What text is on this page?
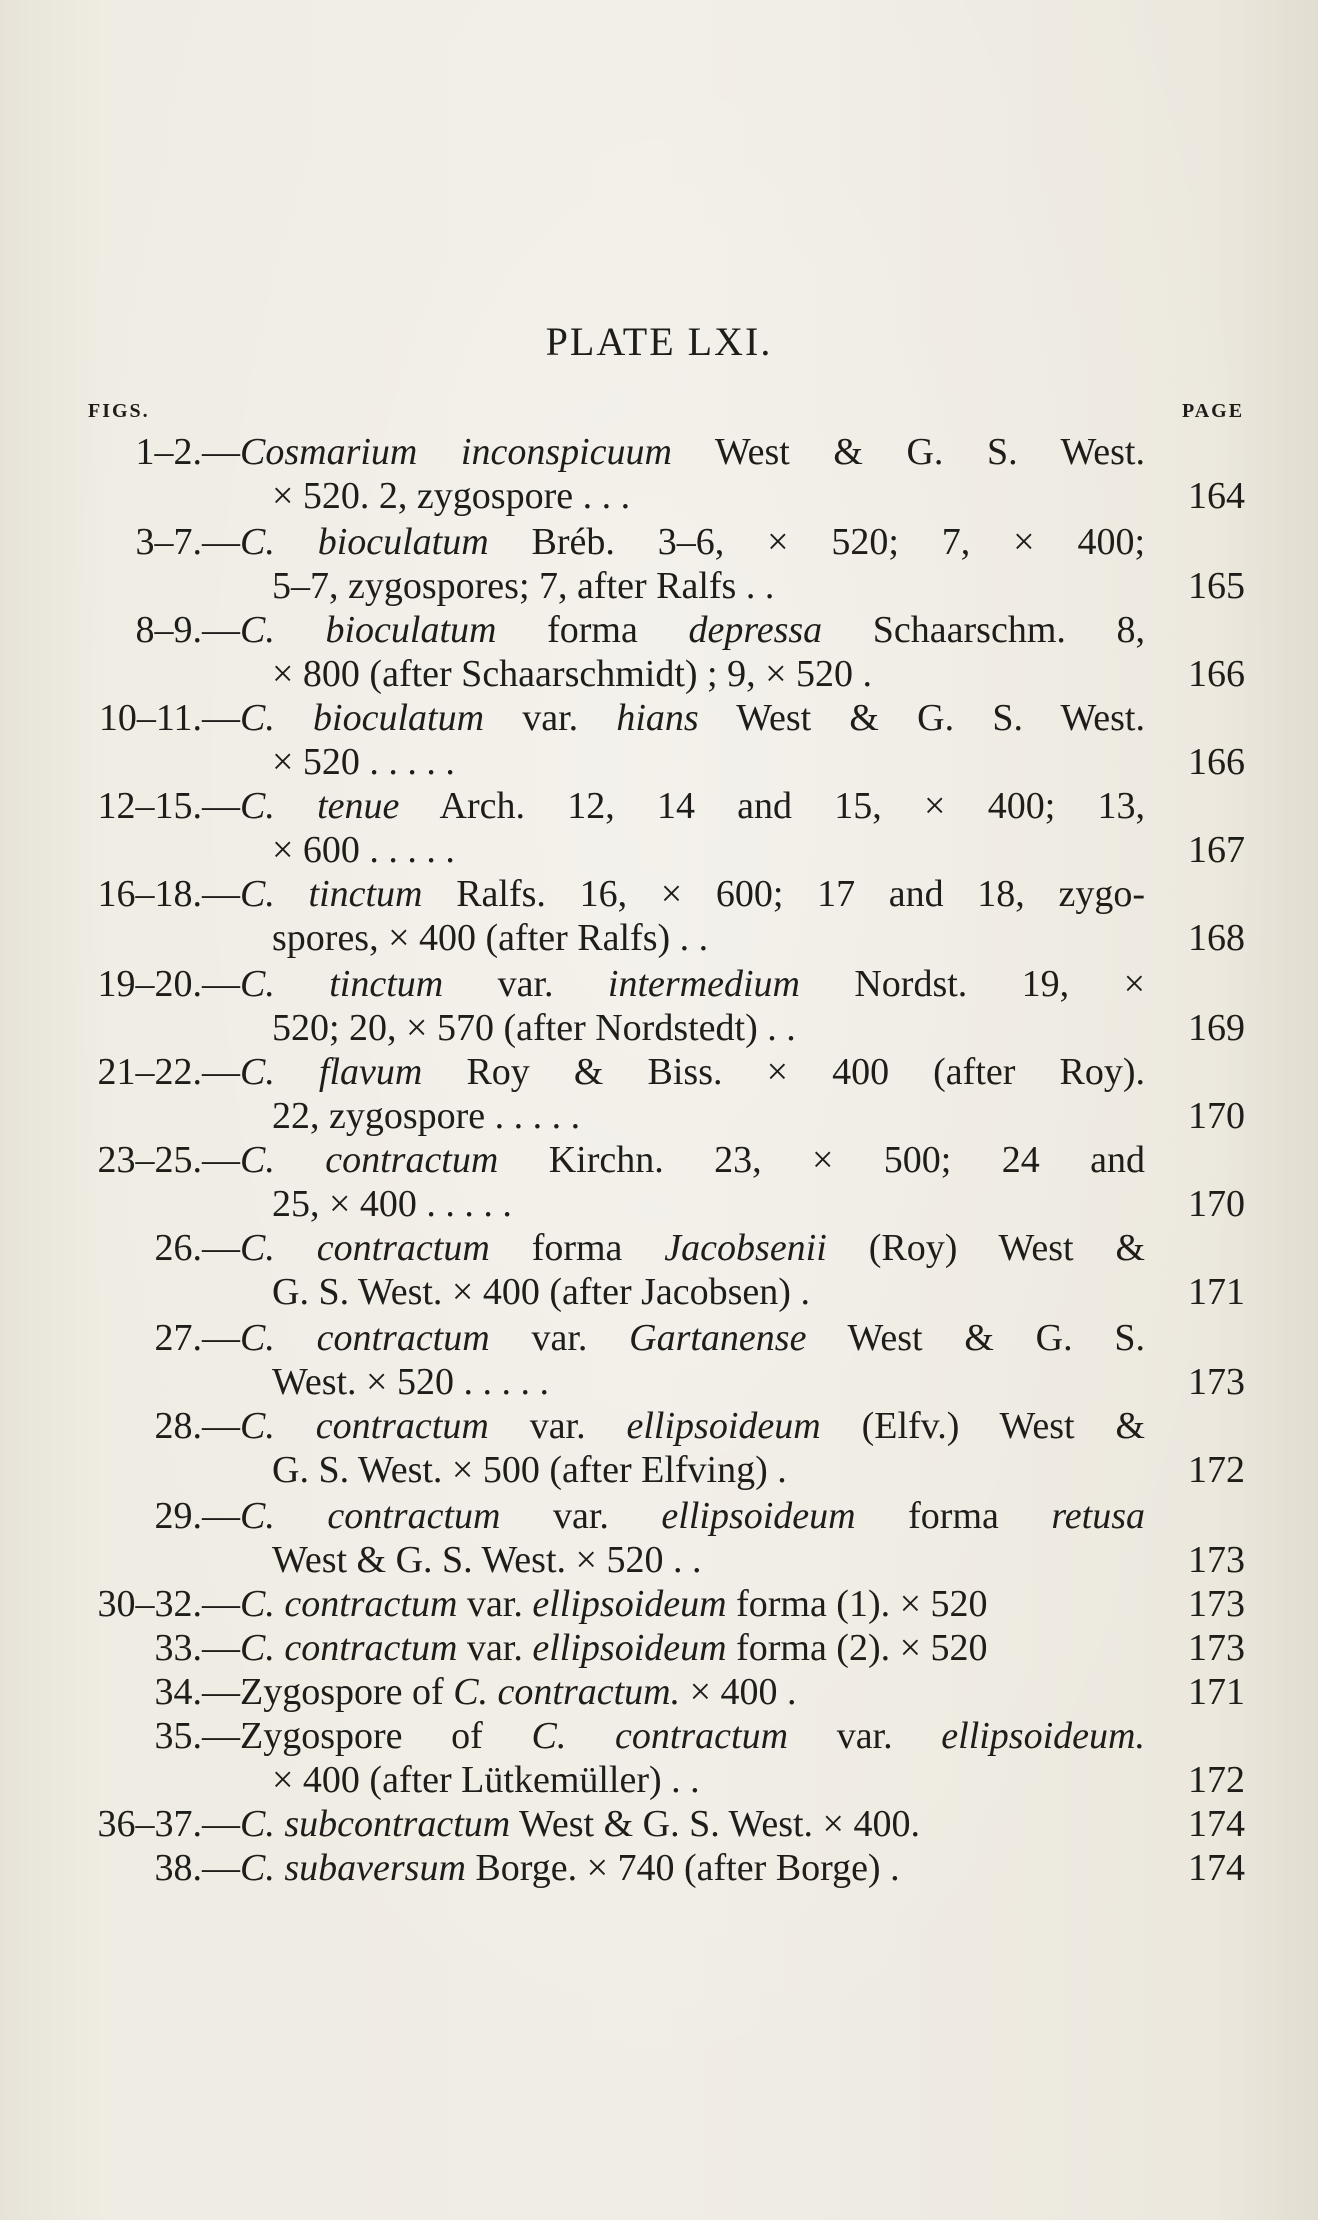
PLATE LXI.
FIGS.	PAGE
1–2.— Cosmarium inconspicuum West & G. S. West.
× 520. 2, zygospore . . .	164
3–7.— C. bioculatum Bréb. 3–6, × 520; 7, × 400;
5–7, zygospores; 7, after Ralfs . .	165
8–9.— C. bioculatum forma depressa Schaarschm. 8,
× 800 (after Schaarschmidt) ; 9, × 520 .	166
10–11.— C. bioculatum var. hians West & G. S. West.
× 520 . . . . .	166
12–15.— C. tenue Arch. 12, 14 and 15, × 400; 13,
× 600 . . . . .	167
16–18.— C. tinctum Ralfs. 16, × 600; 17 and 18, zygo-
spores, × 400 (after Ralfs) . .	168
19–20.— C. tinctum var. intermedium Nordst. 19, ×
520; 20, × 570 (after Nordstedt) . .	169
21–22.— C. flavum Roy & Biss. × 400 (after Roy).
22, zygospore . . . . .	170
23–25.— C. contractum Kirchn. 23, × 500; 24 and
25, × 400 . . . . .	170
26.— C. contractum forma Jacobsenii (Roy) West &
G. S. West. × 400 (after Jacobsen) .	171
27.— C. contractum var. Gartanense West & G. S.
West. × 520 . . . . .	173
28.— C. contractum var. ellipsoideum (Elfv.) West &
G. S. West. × 500 (after Elfving) .	172
29.— C. contractum var. ellipsoideum forma retusa
West & G. S. West. × 520 . .	173
30–32.— C. contractum var. ellipsoideum forma (1). × 520	173
33.— C. contractum var. ellipsoideum forma (2). × 520	173
34.— Zygospore of C. contractum. × 400 .	171
35.— Zygospore of C. contractum var. ellipsoideum.
× 400 (after Lütkemüller) . .	172
36–37.— C. subcontractum West & G. S. West. × 400.	174
38.— C. subaversum Borge. × 740 (after Borge) .	174
